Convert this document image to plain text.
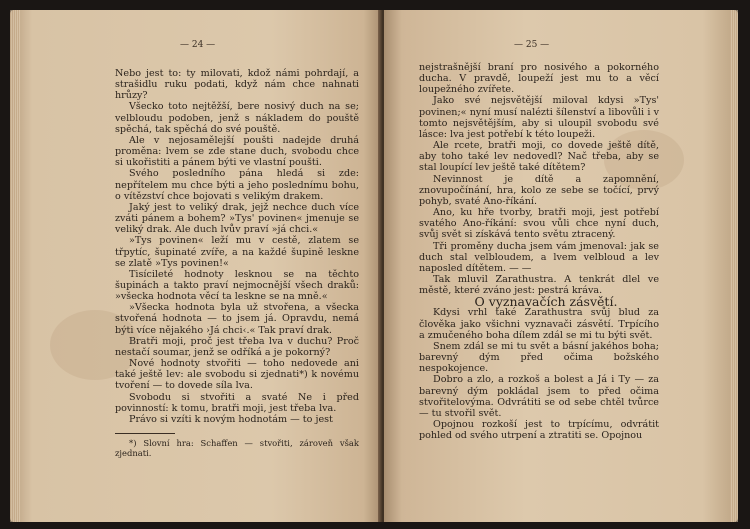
— 24 —

Nebo jest to: ty milovati, kdož námi pohrdají, a strašidlu ruku podati, když nám chce nahnati hrůzy?

Všecko toto nejtěžší, bere nosivý duch na se; velbloudu podoben, jenž s nákladem do pouště spěchá, tak spěchá do své pouště.

Ale v nejosamělejší poušti nadejde druhá proměna: lvem se zde stane duch, svobodu chce si ukořistiti a pánem býti ve vlastní poušti.

Svého posledního pána hledá si zde: nepřítelem mu chce býti a jeho poslednímu bohu, o vítězství chce bojovati s velikým drakem.

Jaký jest to veliký drak, jejž nechce duch více zváti pánem a bohem? »Tys' povinen« jmenuje se veliký drak. Ale duch lvův praví »já chci.«

»Tys povinen« leží mu v cestě, zlatem se třpytíc, šupinaté zvíře, a na každé šupině leskne se zlatě »Tys povinen!«

Tisícileté hodnoty lesknou se na těchto šupinách a takto praví nejmocnější všech draků: »všecka hodnota věcí ta leskne se na mně.«

»Všecka hodnota byla už stvořena, a všecka stvořená hodnota — to jsem já. Opravdu, nemá býti více nějakého ›Já chci‹.« Tak praví drak.

Bratři moji, proč jest třeba lva v duchu? Proč nestačí soumar, jenž se odříká a je pokorný?

Nové hodnoty stvořiti — toho nedovede ani také ještě lev: ale svobodu si zjednati*) k novému tvoření — to dovede síla lva.

Svobodu si stvořiti a svaté Ne i před povinností: k tomu, bratři moji, jest třeba lva.

Právo si vzíti k novým hodnotám — to jest

*) Slovní hra: Schaffen — stvořiti, zároveň však zjednati.

— 25 —

nejstrašnější braní pro nosivého a pokorného ducha. V pravdě, loupeží jest mu to a věcí loupežného zvířete.

Jako své nejsvětější miloval kdysi »Tys' povinen;« nyní musí nalézti šílenství a libovůli i v tomto nejsvětějším, aby si uloupil svobodu své lásce: lva jest potřebí k této loupeži.

Ale rcete, bratři moji, co dovede ještě dítě, aby toho také lev nedovedl? Nač třeba, aby se stal loupící lev ještě také dítětem?

Nevinnost je dítě a zapomnění, znovupočínání, hra, kolo ze sebe se točící, prvý pohyb, svaté Ano-říkání.

Ano, ku hře tvorby, bratři moji, jest potřebí svatého Ano-říkání: svou vůli chce nyní duch, svůj svět si získává tento světu ztracený.

Tři proměny ducha jsem vám jmenoval: jak se duch stal velbloudem, a lvem velbloud a lev naposled dítětem. — —

Tak mluvil Zarathustra. A tenkrát dlel ve městě, které zváno jest: pestrá kráva.

O vyznavačích zásvětí.

Kdysi vrhl také Zarathustra svůj blud za člověka jako všichni vyznavači zásvětí. Trpícího a zmučeného boha dílem zdál se mi tu býti svět.

Snem zdál se mi tu svět a básní jakéhos boha; barevný dým před očima božského nespokojence.

Dobro a zlo, a rozkoš a bolest a Já i Ty — za barevný dým pokládal jsem to před očima stvořitelovýma. Odvrátiti se od sebe chtěl tvůrce — tu stvořil svět.

Opojnou rozkoší jest to trpícímu, odvrátit pohled od svého utrpení a ztratiti se. Opojnou
